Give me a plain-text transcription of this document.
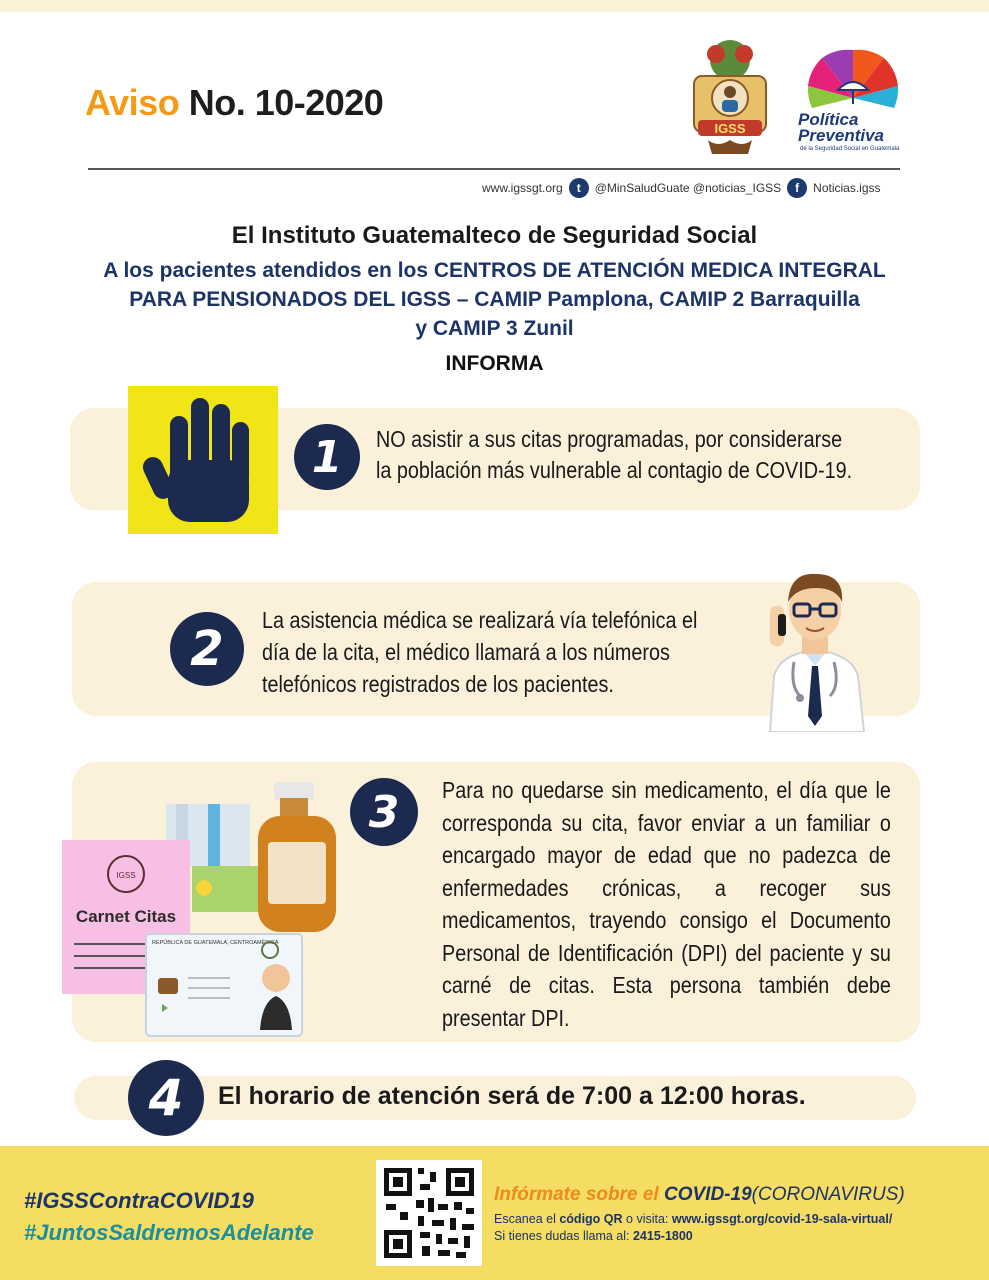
Aviso No. 10-2020
IGSS	Política
Preventiva
de la Seguridad Social en Guatemala
www.igssgt.org	t	@MinSaludGuate @noticias_IGSS	f	Noticias.igss
El Instituto Guatemalteco de Seguridad Social
A los pacientes atendidos en los CENTROS DE ATENCIÓN MEDICA INTEGRAL
PARA PENSIONADOS DEL IGSS – CAMIP Pamplona, CAMIP 2 Barraquilla
y CAMIP 3 Zunil
INFORMA
1	NO asistir a sus citas programadas, por considerarse
la población más vulnerable al contagio de COVID-19.
2
La asistencia médica se realizará vía telefónica el
día de la cita, el médico llamará a los números
telefónicos registrados de los pacientes.
IGSS
Carnet Citas
REPÚBLICA DE GUATEMALA, CENTROAMÉRICA
3	Para no quedarse sin medicamento, el día que le corresponda su cita, favor enviar a un familiar o encargado mayor de edad que no padezca de enfermedades crónicas, a recoger sus medicamentos, trayendo consigo el Documento Personal de Identificación (DPI) del paciente y su carné de citas. Esta persona también debe presentar DPI.
4	El horario de atención será de 7:00 a 12:00 horas.
#IGSSContraCOVID19
#JuntosSaldremosAdelante
Infórmate sobre el COVID-19(CORONAVIRUS)
Escanea el código QR o visita: www.igssgt.org/covid-19-sala-virtual/
Si tienes dudas llama al: 2415-1800
